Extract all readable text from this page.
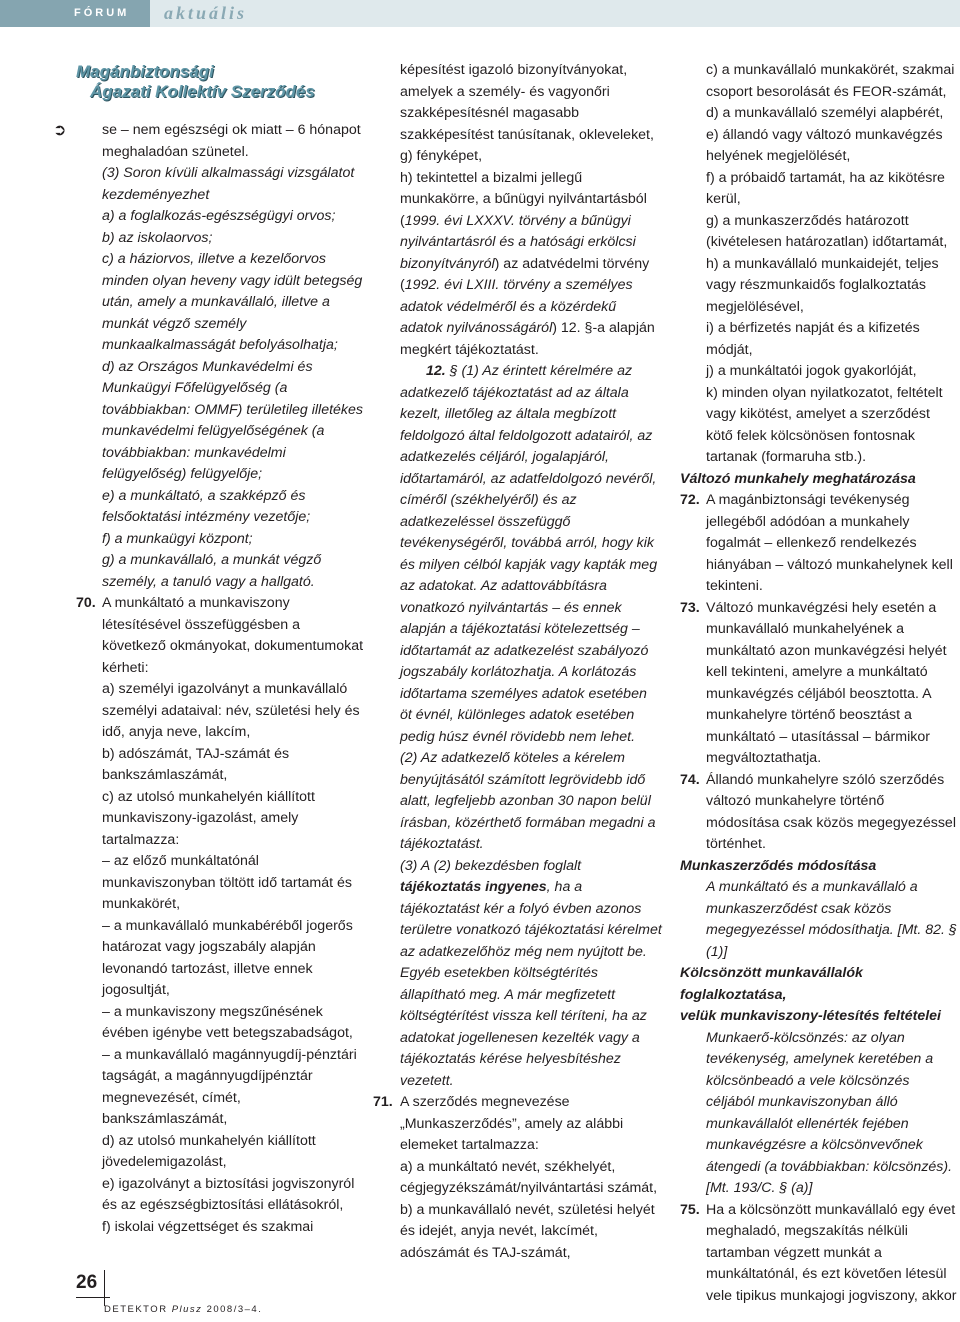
FÓRUM	aktuális
Magánbiztonsági
Ágazati Kollektív Szerződés
➲	se – nem egészségi ok miatt – 6 hónapot meghaladóan szünetel.

(3) Soron kívüli alkalmassági vizsgálatot kezdeményezhet

a) a foglalkozás-egészségügyi orvos;

b) az iskolaorvos;

c) a háziorvos, illetve a kezelőorvos minden olyan heveny vagy idült betegség után, amely a munkavállaló, illetve a munkát végző személy munkaalkalmasságát befolyásolhatja;

d) az Országos Munkavédelmi és Munkaügyi Főfelügyelőség (a továbbiakban: OMMF) területileg illetékes munkavédelmi felügyelőségének (a továbbiakban: munkavédelmi felügyelőség) felügyelője;

e) a munkáltató, a szakképző és felsőoktatási intézmény vezetője;

f) a munkaügyi központ;

g) a munkavállaló, a munkát végző személy, a tanuló vagy a hallgató.

70. A munkáltató a munkaviszony létesítésével összefüggésben a következő okmányokat, dokumentumokat kérheti:

a) személyi igazolványt a munkavállaló személyi adataival: név, születési hely és idő, anyja neve, lakcím,

b) adószámát, TAJ-számát és bankszámlaszámát,

c) az utolsó munkahelyén kiállított munkaviszony-igazolást, amely tartalmazza:

– az előző munkáltatónál munkaviszonyban töltött idő tartamát és munkakörét,

– a munkavállaló munkabéréből jogerős határozat vagy jogszabály alapján levonandó tartozást, illetve ennek jogosultját,

– a munkaviszony megszűnésének évében igénybe vett betegszabadságot,

– a munkavállaló magánnyugdíj-pénztári tagságát, a magánnyugdíjpénztár megnevezését, címét, bankszámlaszámát,

d) az utolsó munkahelyén kiállított jövedelemigazolást,

e) igazolványt a biztosítási jogviszonyról és az egészségbiztosítási ellátásokról,

f) iskolai végzettséget és szakmai

képesítést igazoló bizonyítványokat, amelyek a személy- és vagyonőri szakképesítésnél magasabb szakképesítést tanúsítanak, okleveleket,

g) fényképet,

h) tekintettel a bizalmi jellegű munkakörre, a bűnügyi nyilvántartásból (1999. évi LXXXV. törvény a bűnügyi nyilvántartásról és a hatósági erkölcsi bizonyítványról) az adatvédelmi törvény (1992. évi LXIII. törvény a személyes adatok védelméről és a közérdekű adatok nyilvánosságáról) 12. §-a alapján megkért tájékoztatást.

12. § (1) Az érintett kérelmére az adatkezelő tájékoztatást ad az általa kezelt, illetőleg az általa megbízott feldolgozó által feldolgozott adatairól, az adatkezelés céljáról, jogalapjáról, időtartamáról, az adatfeldolgozó nevéről, címéről (székhelyéről) és az adatkezeléssel összefüggő tevékenységéről, továbbá arról, hogy kik és milyen célból kapják vagy kapták meg az adatokat. Az adattovábbításra vonatkozó nyilvántartás – és ennek alapján a tájékoztatási kötelezettség – időtartamát az adatkezelést szabályozó jogszabály korlátozhatja. A korlátozás időtartama személyes adatok esetében öt évnél, különleges adatok esetében pedig húsz évnél rövidebb nem lehet.

(2) Az adatkezelő köteles a kérelem benyújtásától számított legrövidebb idő alatt, legfeljebb azonban 30 napon belül írásban, közérthető formában megadni a tájékoztatást.

(3) A (2) bekezdésben foglalt tájékoztatás ingyenes, ha a tájékoztatást kér a folyó évben azonos területre vonatkozó tájékoztatási kérelmet az adatkezelőhöz még nem nyújtott be. Egyéb esetekben költségtérítés állapítható meg. A már megfizetett költségtérítést vissza kell téríteni, ha az adatokat jogellenesen kezelték vagy a tájékoztatás kérése helyesbítéshez vezetett.

71. A szerződés megnevezése „Munkaszerződés”, amely az alábbi elemeket tartalmazza:

a) a munkáltató nevét, székhelyét, cégjegyzékszámát/nyilvántartási számát,

b) a munkavállaló nevét, születési helyét és idejét, anyja nevét, lakcímét, adószámát és TAJ-számát,

c) a munkavállaló munkakörét, szakmai csoport besorolását és FEOR-számát,

d) a munkavállaló személyi alapbérét,

e) állandó vagy változó munkavégzés helyének megjelölését,

f) a próbaidő tartamát, ha az kikötésre kerül,

g) a munkaszerződés határozott (kivételesen határozatlan) időtartamát,

h) a munkavállaló munkaidejét, teljes vagy részmunkaidős foglalkoztatás megjelölésével,

i) a bérfizetés napját és a kifizetés módját,

j) a munkáltatói jogok gyakorlóját,

k) minden olyan nyilatkozatot, feltételt vagy kikötést, amelyet a szerződést kötő felek kölcsönösen fontosnak tartanak (formaruha stb.).

Változó munkahely meghatározása

72. A magánbiztonsági tevékenység jellegéből adódóan a munkahely fogalmát – ellenkező rendelkezés hiányában – változó munkahelynek kell tekinteni.

73. Változó munkavégzési hely esetén a munkavállaló munkahelyének a munkáltató azon munkavégzési helyét kell tekinteni, amelyre a munkáltató munkavégzés céljából beosztotta. A munkahelyre történő beosztást a munkáltató – utasítással – bármikor megváltoztathatja.

74. Állandó munkahelyre szóló szerződés változó munkahelyre történő módosítása csak közös megegyezéssel történhet.

Munkaszerződés módosítása

A munkáltató és a munkavállaló a munkaszerződést csak közös megegyezéssel módosíthatja. [Mt. 82. § (1)]

Kölcsönzött munkavállalók

foglalkoztatása,

velük munkaviszony-létesítés feltételei

Munkaerő-kölcsönzés: az olyan tevékenység, amelynek keretében a kölcsönbeadó a vele kölcsönzés céljából munkaviszonyban álló munkavállalót ellenérték fejében munkavégzésre a kölcsönvevőnek átengedi (a továbbiakban: kölcsönzés). [Mt. 193/C. § (a)]

75. Ha a kölcsönzött munkavállaló egy évet meghaladó, megszakítás nélküli tartamban végzett munkát a munkáltatónál, és ezt követően létesül vele tipikus munkajogi jogviszony, akkor

26
DETEKTOR Plusz 2008/3–4.
